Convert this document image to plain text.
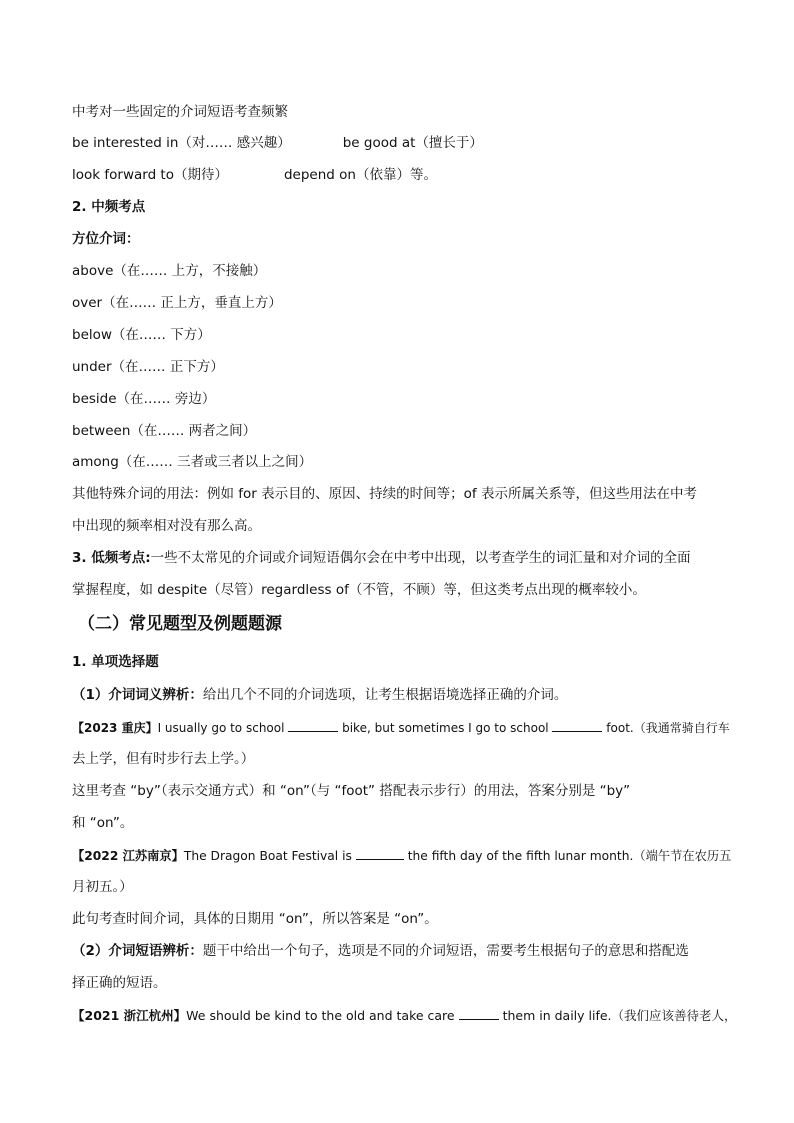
中考对一些固定的介词短语考查频繁
be interested in（对…… 感兴趣）	be good at（擅长于）
look forward to（期待）	depend on（依靠）等。
2. 中频考点
方位介词：
above（在…… 上方，不接触）
over（在…… 正上方，垂直上方）
below（在…… 下方）
under（在…… 正下方）
beside（在…… 旁边）
between（在…… 两者之间）
among（在…… 三者或三者以上之间）
其他特殊介词的用法：例如 for 表示目的、原因、持续的时间等；of 表示所属关系等，但这些用法在中考
中出现的频率相对没有那么高。
3. 低频考点:一些不太常见的介词或介词短语偶尔会在中考中出现，以考查学生的词汇量和对介词的全面
掌握程度，如 despite（尽管）regardless of（不管，不顾）等，但这类考点出现的概率较小。
（二）常见题型及例题题源
1. 单项选择题
（1）介词词义辨析：给出几个不同的介词选项，让考生根据语境选择正确的介词。
【2023 重庆】I usually go to school	bike, but sometimes I go to school	foot.（我通常骑自行车
去上学，但有时步行去上学。）
这里考查 “by”（表示交通方式）和 “on”（与 “foot” 搭配表示步行）的用法，答案分别是 “by”
和 “on”。
【2022 江苏南京】The Dragon Boat Festival is	the fifth day of the fifth lunar month.（端午节在农历五
月初五。）
此句考查时间介词，具体的日期用 “on”，所以答案是 “on”。
（2）介词短语辨析：题干中给出一个句子，选项是不同的介词短语，需要考生根据句子的意思和搭配选
择正确的短语。
【2021 浙江杭州】We should be kind to the old and take care	them in daily life.（我们应该善待老人，
